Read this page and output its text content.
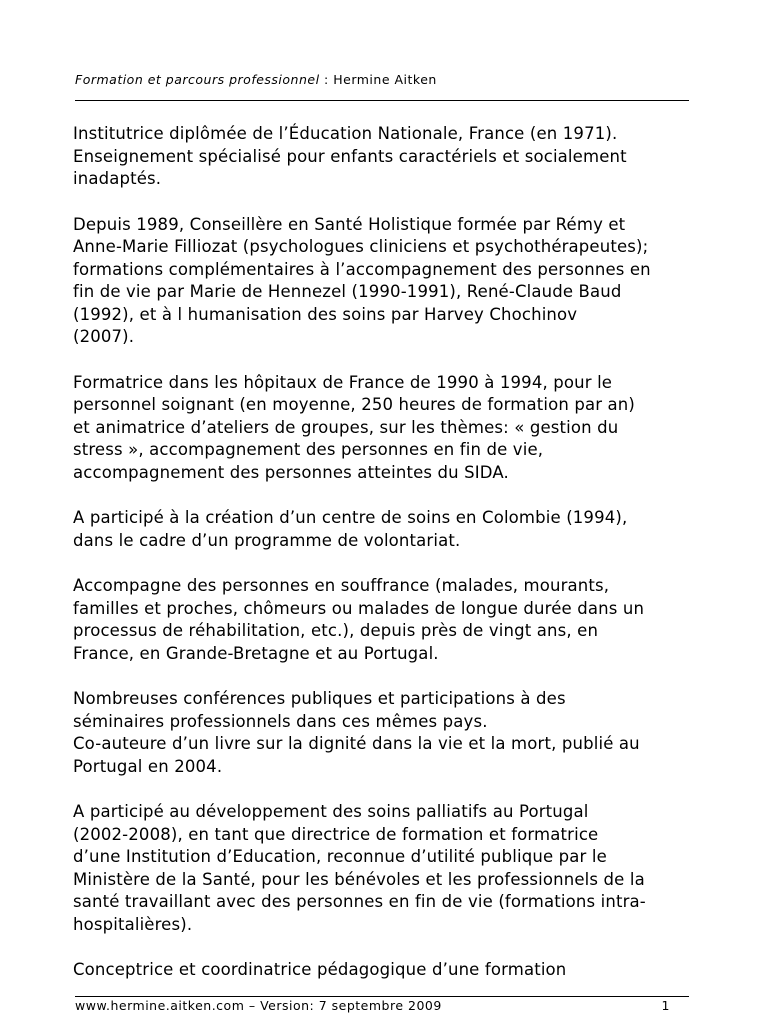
Formation et parcours professionnel : Hermine Aitken

Institutrice diplômée de l’Éducation Nationale, France (en 1971).
Enseignement spécialisé pour enfants caractériels et socialement
inadaptés.

Depuis 1989, Conseillère en Santé Holistique formée par Rémy et
Anne-Marie Filliozat (psychologues cliniciens et psychothérapeutes);
formations complémentaires à l’accompagnement des personnes en
fin de vie par Marie de Hennezel (1990-1991), René-Claude Baud
(1992), et à l humanisation des soins par Harvey Chochinov
(2007).

Formatrice dans les hôpitaux de France de 1990 à 1994, pour le
personnel soignant (en moyenne, 250 heures de formation par an)
et animatrice d’ateliers de groupes, sur les thèmes: « gestion du
stress », accompagnement des personnes en fin de vie,
accompagnement des personnes atteintes du SIDA.

A participé à la création d’un centre de soins en Colombie (1994),
dans le cadre d’un programme de volontariat.

Accompagne des personnes en souffrance (malades, mourants,
familles et proches, chômeurs ou malades de longue durée dans un
processus de réhabilitation, etc.), depuis près de vingt ans, en
France, en Grande-Bretagne et au Portugal.

Nombreuses conférences publiques et participations à des
séminaires professionnels dans ces mêmes pays.

Co-auteure d’un livre sur la dignité dans la vie et la mort, publié au
Portugal en 2004.

A participé au développement des soins palliatifs au Portugal
(2002-2008), en tant que directrice de formation et formatrice
d’une Institution d’Education, reconnue d’utilité publique par le
Ministère de la Santé, pour les bénévoles et les professionnels de la
santé travaillant avec des personnes en fin de vie (formations intra-
hospitalières).

Conceptrice et coordinatrice pédagogique d’une formation

www.hermine.aitken.com – Version: 7 septembre 2009	1
